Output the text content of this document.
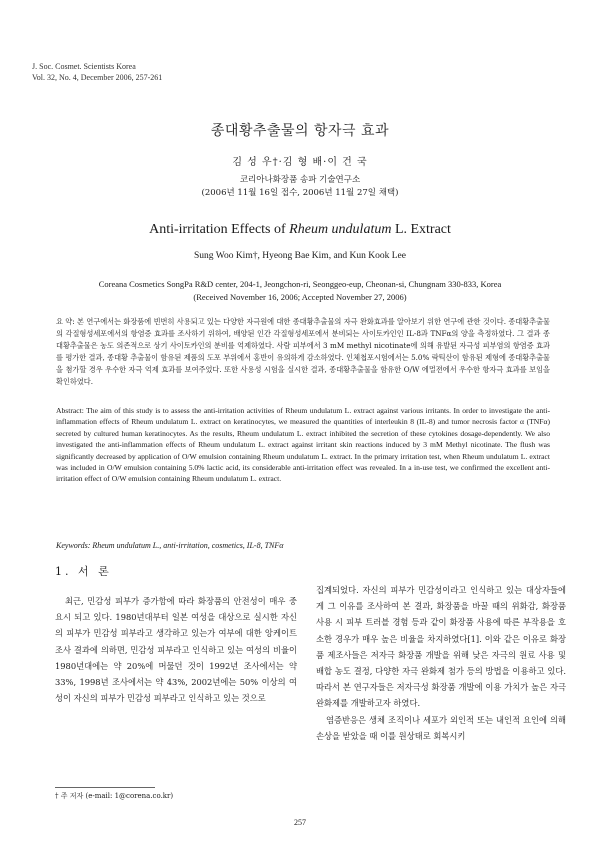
J. Soc. Cosmet. Scientists Korea
Vol. 32, No. 4, December 2006, 257-261
종대황추출물의 항자극 효과
김 성 우†·김 형 배·이 건 국
코리아나화장품 송파 기술연구소
(2006년 11월 16일 접수, 2006년 11월 27일 채택)
Anti-irritation Effects of Rheum undulatum L. Extract
Sung Woo Kim†, Hyeong Bae Kim, and Kun Kook Lee
Coreana Cosmetics SongPa R&D center, 204-1, Jeongchon-ri, Seonggeo-eup, Cheonan-si, Chungnam 330-833, Korea
(Received November 16, 2006; Accepted November 27, 2006)
요 약: 본 연구에서는 화장품에 빈번히 사용되고 있는 다양한 자극원에 대한 종대황추출물의 자극 완화효과를 알아보기 위한 연구에 관한 것이다. 종대황추출물의 각질형성세포에서의 항염증 효과를 조사하기 위하여, 배양된 인간 각질형성세포에서 분비되는 사이토카인인 IL-8과 TNFα의 양을 측정하였다. 그 결과 종대황추출물은 농도 의존적으로 상기 사이토카인의 분비를 억제하였다. 사람 피부에서 3 mM methyl nicotinate에 의해 유발된 자극성 피부염의 항염증 효과를 평가한 결과, 종대황 추출물이 함유된 제품의 도포 부위에서 홍반이 유의하게 감소하였다. 인체첩포시험에서는 5.0% 락틱산이 함유된 제형에 종대황추출물을 첨가할 경우 우수한 자극 억제 효과를 보여주었다. 또한 사용성 시험을 실시한 결과, 종대황추출물을 함유한 O/W 에멀젼에서 우수한 항자극 효과를 보임을 확인하였다.
Abstract: The aim of this study is to assess the anti-irritation activities of Rheum undulatum L. extract against various irritants. In order to investigate the anti-inflammation effects of Rheum undulatum L. extract on keratinocytes, we measured the quantities of interleukin 8 (IL-8) and tumor necrosis factor α (TNFα) secreted by cultured human keratinocytes. As the results, Rheum undulatum L. extract inhibited the secretion of these cytokines dosage-dependently. We also investigated the anti-inflammation effects of Rheum undulatum L. extract against irritant skin reactions induced by 3 mM Methyl nicotinate. The flush was significantly decreased by application of O/W emulsion containing Rheum undulatum L. extract. In the primary irritation test, when Rheum undulatum L. extract was included in O/W emulsion containing 5.0% lactic acid, its considerable anti-irritation effect was revealed. In a in-use test, we confirmed the excellent anti-irritation effect of O/W emulsion containing Rheum undulatum L. extract.
Keywords: Rheum undulatum L., anti-irritation, cosmetics, IL-8, TNFα
1. 서 론

최근, 민감성 피부가 증가함에 따라 화장품의 안전성이 매우 중요시 되고 있다. 1980년대부터 일본 여성을 대상으로 실시한 자신의 피부가 민감성 피부라고 생각하고 있는가 여부에 대한 앙케이트 조사 결과에 의하면, 민감성 피부라고 인식하고 있는 여성의 비율이 1980년대에는 약 20%에 머물던 것이 1992년 조사에서는 약 33%, 1998년 조사에서는 약 43%, 2002년에는 50% 이상의 여성이 자신의 피부가 민감성 피부라고 인식하고 있는 것으로

집계되었다. 자신의 피부가 민감성이라고 인식하고 있는 대상자들에게 그 이유를 조사하여 본 결과, 화장품을 바꿀 때의 위화감, 화장품 사용 시 피부 트러블 경험 등과 같이 화장품 사용에 따른 부작용을 호소한 경우가 매우 높은 비율을 차지하였다[1]. 이와 같은 이유로 화장품 제조사들은 저자극 화장품 개발을 위해 낮은 자극의 원료 사용 및 배합 농도 결정, 다양한 자극 완화제 첨가 등의 방법을 이용하고 있다. 따라서 본 연구자들은 저자극성 화장품 개발에 이용 가치가 높은 자극완화제를 개발하고자 하였다.

염증반응은 생체 조직이나 세포가 외인적 또는 내인적 요인에 의해 손상을 받았을 때 이를 원상태로 회복시키

† 주 저자 (e-mail: 1@corena.co.kr)
257
